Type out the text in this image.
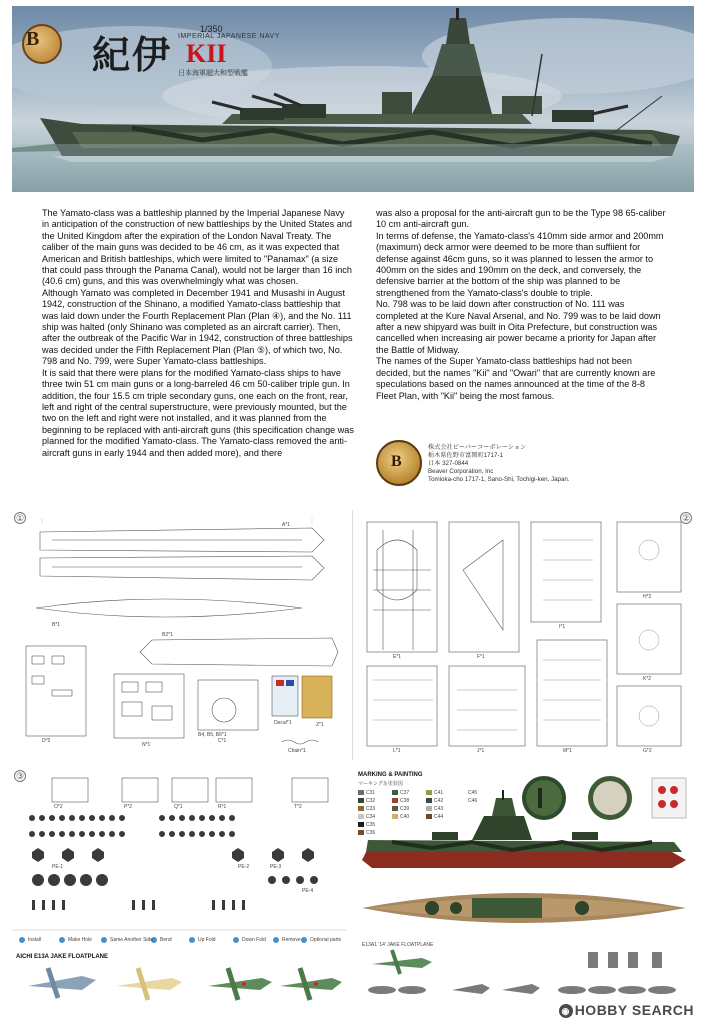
B 紀伊
1/350
IMPERIAL JAPANESE NAVY
KII
日本海軍超大和型戦艦

The Yamato-class was a battleship planned by the Imperial Japanese Navy in anticipation of the construction of new battleships by the United States and the United Kingdom after the expiration of the London Naval Treaty. The caliber of the main guns was decided to be 46 cm, as it was expected that American and British battleships, which were limited to "Panamax" (a size that could pass through the Panama Canal), would not be larger than 16 inch (40.6 cm) guns, and this was overwhelmingly what was chosen.

Although Yamato was completed in December 1941 and Musashi in August 1942, construction of the Shinano, a modified Yamato-class battleship that was laid down under the Fourth Replacement Plan (Plan ④), and the No. 111 ship was halted (only Shinano was completed as an aircraft carrier). Then, after the outbreak of the Pacific War in 1942, construction of three battleships was decided under the Fifth Replacement Plan (Plan ⑤), of which two, No. 798 and No. 799, were Super Yamato-class battleships.

It is said that there were plans for the modified Yamato-class ships to have three twin 51 cm main guns or a long-barreled 46 cm 50-caliber triple gun. In addition, the four 15.5 cm triple secondary guns, one each on the front, rear, left and right of the central superstructure, were previously mounted, but the two on the left and right were not installed, and it was planned from the beginning to be replaced with anti-aircraft guns (this specification change was planned for the modified Yamato-class. The Yamato-class removed the anti-aircraft guns in early 1944 and then added more), and there

was also a proposal for the anti-aircraft gun to be the Type 98 65-caliber 10 cm anti-aircraft gun.

In terms of defense, the Yamato-class's 410mm side armor and 200mm (maximum) deck armor were deemed to be more than suffiient for defense against 46cm guns, so it was planned to lessen the armor to 400mm on the sides and 190mm on the deck, and conversely, the defensive barrier at the bottom of the ship was planned to be strengthened from the Yamato-class's double to triple.

No. 798 was to be laid down after construction of No. 111 was completed at the Kure Naval Arsenal, and No. 799 was to be laid down after a new shipyard was built in Oita Prefecture, but construction was cancelled when increasing air power became a priority for Japan after the Battle of Midway.

The names of the Super Yamato-class battleships had not been decided, but the names "Kii" and "Owari" that are currently known are speculations based on the names announced at the time of the 8-8 Fleet Plan, with "Kii" being the most famous.

B
株式会社ビーバーコーポレーション
栃木県佐野市富岡町1717-1
日本 327-0844
Beaver Corporation, Inc
Tomioka-cho 1717-1, Sano-Shi, Tochigi-ken, Japan.
①
A*1
B*1
B2*1
D*2
N*1
C*1
Decal*1
Chain*1
Z*1
B4, B5, B6*1
②
E*1	F*1
H*2
I*1
J*1
K*2
L*1	M*1	G*2
③
O*2	P*2	Q*1	R*1	T*2
PE-1	PE-2	PE-3
PE-4
Install	Make Hole	Same Another Side Bend	Up Fold	Down Fold	Remove Optional parts
AICHI E13A JAKE FLOATPLANE
MARKING & PAINTING
マーキング＆塗装図
C31
C32
C33
C34
C35
C36
C37
C38
C39
C40
C41
C42
C43
C44
C45
C46
E13A1 '14' JAKE FLOATPLANE
◉ HOBBY SEARCH
